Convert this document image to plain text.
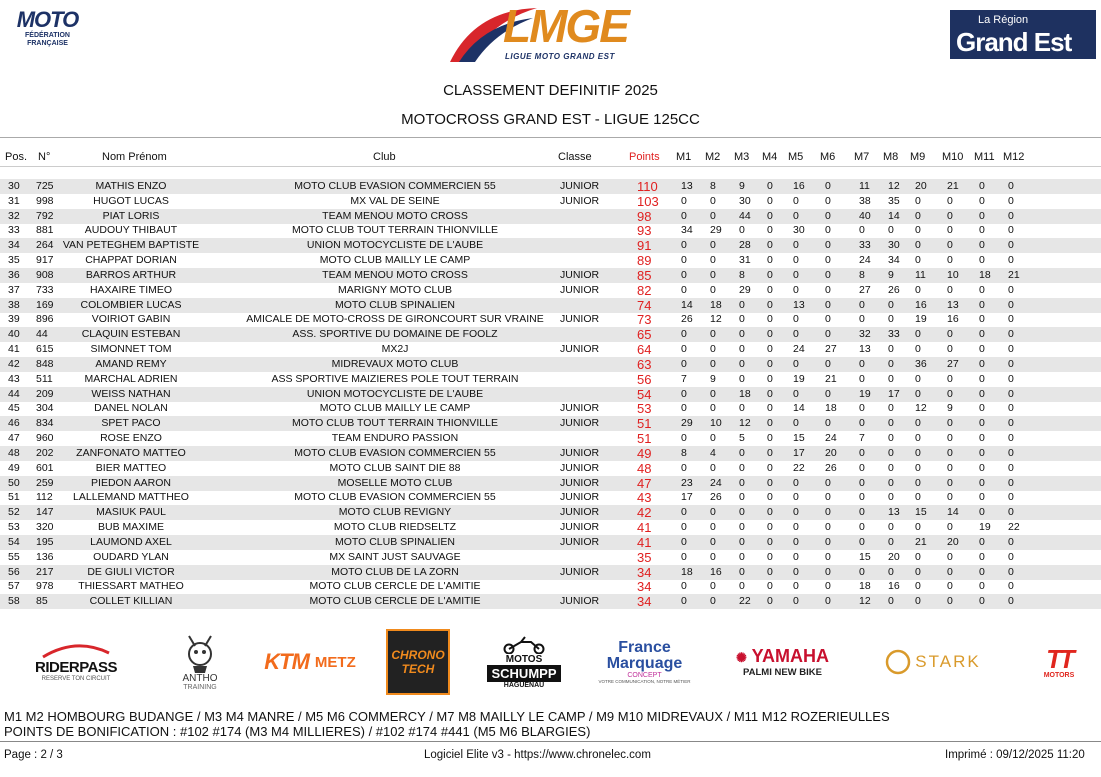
MOTO
FÉDÉRATION
FRANÇAISE	LMGE
LIGUE MOTO GRAND EST
La Région
Grand Est
CLASSEMENT DEFINITIF 2025
MOTOCROSS GRAND EST - LIGUE 125CC
Pos. N°	Nom Prénom	Club	Classe	Points M1 M2 M3 M4 M5 M6 M7 M8 M9 M10 M11 M12
30 725	MATHIS ENZO	MOTO CLUB EVASION COMMERCIEN 55	JUNIOR	110 13 8 9 0 16 0	11 12 20 21 0 0
31 998	HUGOT LUCAS	MX VAL DE SEINE	JUNIOR	103 0 0 30 0 0 0	38 35 0 0 0 0
32 792	PIAT LORIS	TEAM MENOU MOTO CROSS	98	0 0 44 0 0 0	40 14 0 0 0 0
33 881	AUDOUY THIBAUT	MOTO CLUB TOUT TERRAIN THIONVILLE	93	34 29 0 0 30 0	0 0 0 0 0 0
34 264 VAN PETEGHEM BAPTISTE	UNION MOTOCYCLISTE DE L'AUBE	91	0 0 28 0 0 0	33 30 0 0 0 0
35 917	CHAPPAT DORIAN	MOTO CLUB MAILLY LE CAMP	89	0 0 31 0 0 0	24 34 0 0 0 0
36 908	BARROS ARTHUR	TEAM MENOU MOTO CROSS	JUNIOR	85	0 0 8 0 0 0	8 9 11 10 18 21
37 733	HAXAIRE TIMEO	MARIGNY MOTO CLUB	JUNIOR	82	0 0 29 0 0 0	27 26 0 0 0 0
38 169	COLOMBIER LUCAS	MOTO CLUB SPINALIEN	74	14 18 0 0 13 0	0 0 16 13 0 0
39 896	VOIRIOT GABIN	AMICALE DE MOTO-CROSS DE GIRONCOURT SUR VRAINE	JUNIOR	73	26 12 0 0 0 0	0 0 19 16 0 0
40 44	CLAQUIN ESTEBAN	ASS. SPORTIVE DU DOMAINE DE FOOLZ	65	0 0 0 0 0 0	32 33 0 0 0 0
41 615	SIMONNET TOM	MX2J	JUNIOR	64	0 0 0 0 24 27 13 0 0 0 0 0
42 848	AMAND REMY	MIDREVAUX MOTO CLUB	63	0 0 0 0 0 0	0 0 36 27 0 0
43 511	MARCHAL ADRIEN	ASS SPORTIVE MAIZIERES POLE TOUT TERRAIN	56	7 9 0 0 19 21 0 0 0 0 0 0
44 209	WEISS NATHAN	UNION MOTOCYCLISTE DE L'AUBE	54	0 0 18 0 0 0	19 17 0 0 0 0
45 304	DANEL NOLAN	MOTO CLUB MAILLY LE CAMP	JUNIOR	53	0 0 0 0 14 18 0 0 12 9 0 0
46 834	SPET PACO	MOTO CLUB TOUT TERRAIN THIONVILLE	JUNIOR	51	29 10 12 0 0 0	0 0 0 0 0 0
47 960	ROSE ENZO	TEAM ENDURO PASSION	51	0 0 5 0 15 24 7 0 0 0 0 0
48 202	ZANFONATO MATTEO	MOTO CLUB EVASION COMMERCIEN 55	JUNIOR	49	8 4 0 0 17 20 0 0 0 0 0 0
49 601	BIER MATTEO	MOTO CLUB SAINT DIE 88	JUNIOR	48	0 0 0 0 22 26 0 0 0 0 0 0
50 259	PIEDON AARON	MOSELLE MOTO CLUB	JUNIOR	47	23 24 0 0 0 0	0 0 0 0 0 0
51 112	LALLEMAND MATTHEO	MOTO CLUB EVASION COMMERCIEN 55	JUNIOR	43	17 26 0 0 0 0	0 0 0 0 0 0
52 147	MASIUK PAUL	MOTO CLUB REVIGNY	JUNIOR	42	0 0 0 0 0 0	0 13 15 14 0 0
53 320	BUB MAXIME	MOTO CLUB RIEDSELTZ	JUNIOR	41	0 0 0 0 0 0	0 0 0 0 19 22
54 195	LAUMOND AXEL	MOTO CLUB SPINALIEN	JUNIOR	41	0 0 0 0 0 0	0 0 21 20 0 0
55 136	OUDARD YLAN	MX SAINT JUST SAUVAGE	35	0 0 0 0 0 0	15 20 0 0 0 0
56 217	DE GIULI VICTOR	MOTO CLUB DE LA ZORN	JUNIOR	34	18 16 0 0 0 0	0 0 0 0 0 0
57 978	THIESSART MATHEO	MOTO CLUB CERCLE DE L'AMITIE	34	0 0 0 0 0 0	18 16 0 0 0 0
58 85	COLLET KILLIAN	MOTO CLUB CERCLE DE L'AMITIE	JUNIOR	34	0 0 22 0 0 0	12 0 0 0 0 0
RIDERPASS
RESERVE TON CIRCUIT	ANTHO
TRAINING
KTM METZ	CHRONO
TECH
MOTOS
SCHUMPP
HAGUENAU
France
Marquage
CONCEPT
VOTRE COMMUNICATION, NOTRE MÉTIER
✺ YAMAHA
PALMI NEW BIKE
STARK	TT
MOTORS
M1 M2 HOMBOURG BUDANGE / M3 M4 MANRE / M5 M6 COMMERCY / M7 M8 MAILLY LE CAMP / M9 M10 MIDREVAUX / M11 M12 ROZERIEULLES
POINTS DE BONIFICATION : #102 #174 (M3 M4 MILLIERES) / #102 #174 #441 (M5 M6 BLARGIES)
Page : 2 / 3	Logiciel Elite v3 - https://www.chronelec.com	Imprimé : 09/12/2025 11:20
